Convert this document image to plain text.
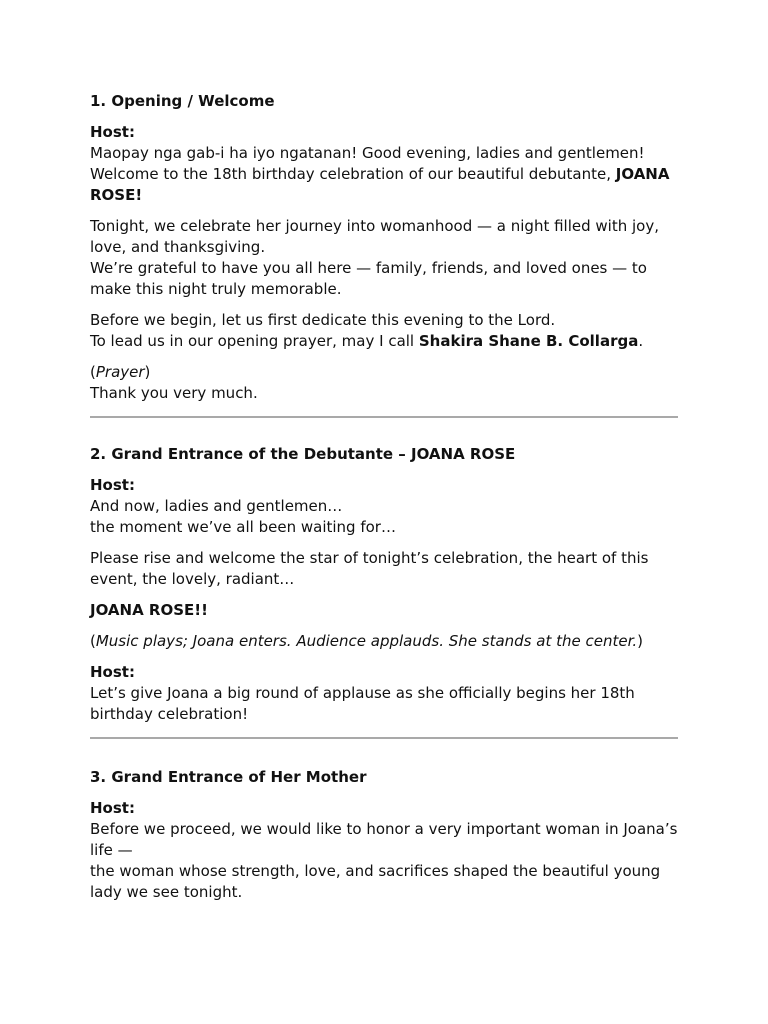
1. Opening / Welcome
Host:
Maopay nga gab-i ha iyo ngatanan! Good evening, ladies and gentlemen!
Welcome to the 18th birthday celebration of our beautiful debutante, JOANA ROSE!
Tonight, we celebrate her journey into womanhood — a night filled with joy, love, and thanksgiving.
We’re grateful to have you all here — family, friends, and loved ones — to make this night truly memorable.
Before we begin, let us first dedicate this evening to the Lord.
To lead us in our opening prayer, may I call Shakira Shane B. Collarga.
(Prayer)
Thank you very much.
2. Grand Entrance of the Debutante – JOANA ROSE
Host:
And now, ladies and gentlemen…
the moment we’ve all been waiting for…
Please rise and welcome the star of tonight’s celebration, the heart of this event, the lovely, radiant…
JOANA ROSE!!
(Music plays; Joana enters. Audience applauds. She stands at the center.)
Host:
Let’s give Joana a big round of applause as she officially begins her 18th birthday celebration!
3. Grand Entrance of Her Mother
Host:
Before we proceed, we would like to honor a very important woman in Joana’s life —
the woman whose strength, love, and sacrifices shaped the beautiful young lady we see tonight.
